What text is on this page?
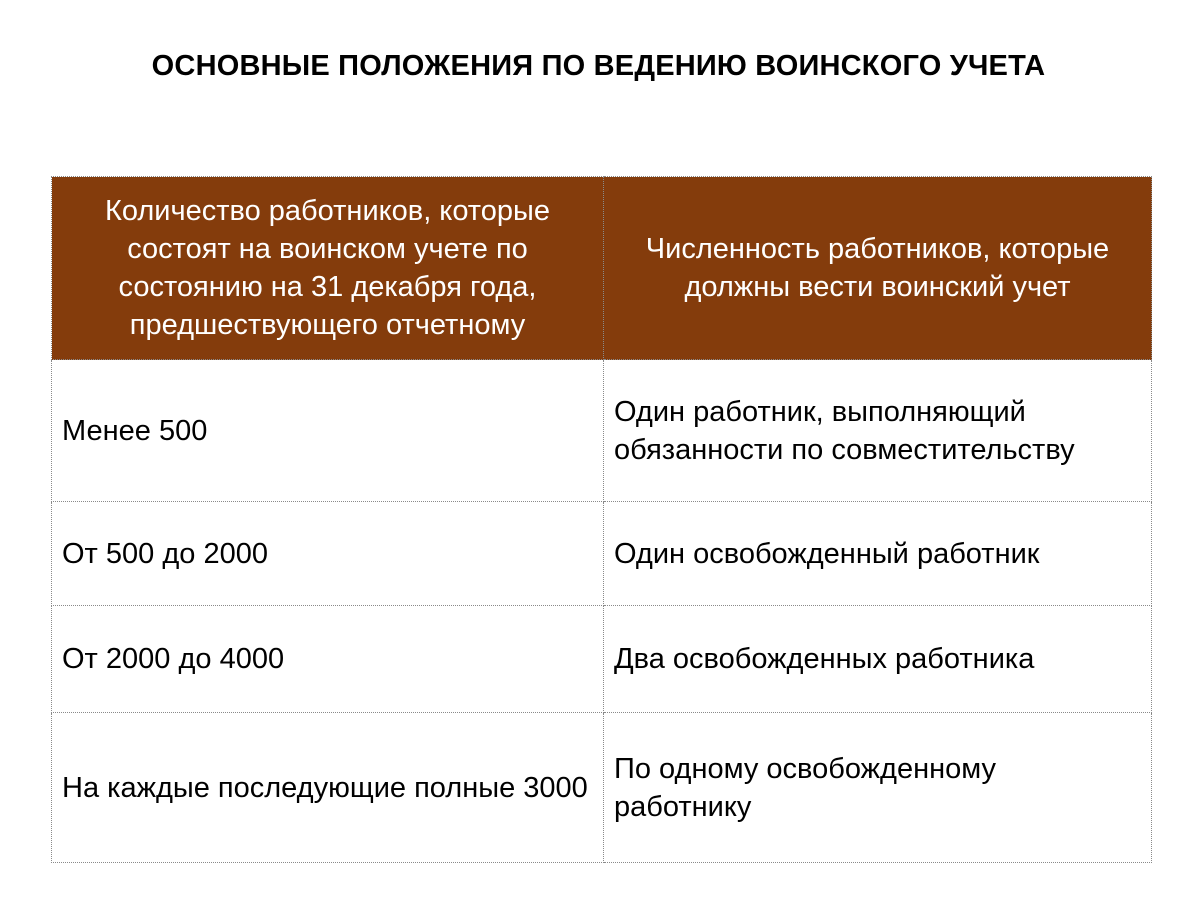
ОСНОВНЫЕ ПОЛОЖЕНИЯ ПО ВЕДЕНИЮ ВОИНСКОГО УЧЕТА
Количество работников, которые состоят на воинском учете по состоянию на 31 декабря года, предшествующего отчетному	Численность работников, которые должны вести воинский учет
Менее 500	Один работник, выполняющий обязанности по совместительству
От 500 до 2000	Один освобожденный работник
От 2000 до 4000	Два освобожденных работника
На каждые последующие полные 3000	По одному освобожденному работнику
